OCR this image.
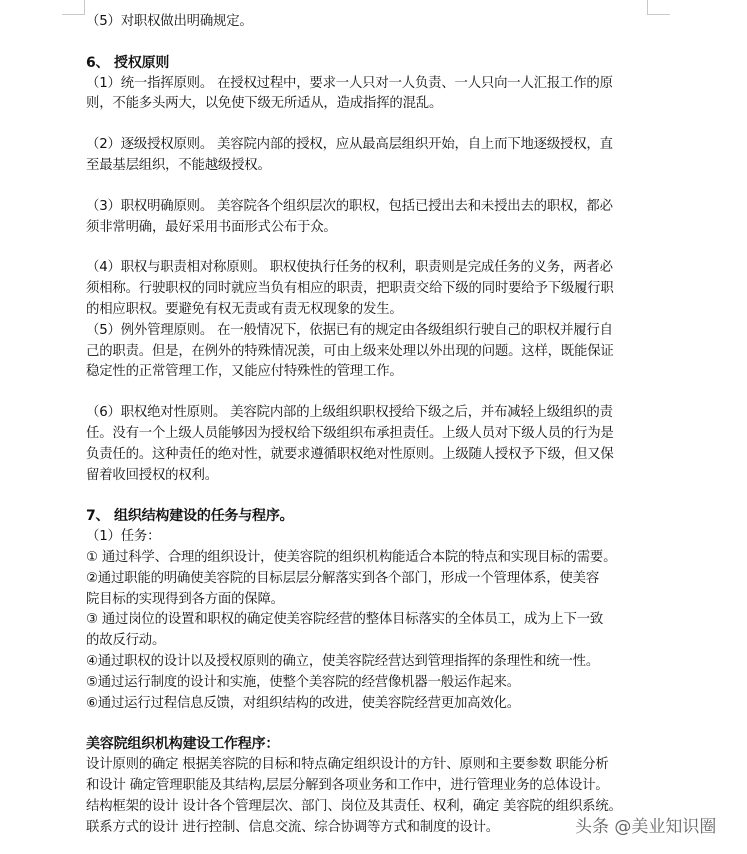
（5）对职权做出明确规定。
6、 授权原则
（1）统一指挥原则。 在授权过程中，要求一人只对一人负责、一人只向一人汇报工作的原
则，不能多头两大，以免使下级无所适从，造成指挥的混乱。
（2）逐级授权原则。 美容院内部的授权，应从最高层组织开始，自上而下地逐级授权，直
至最基层组织，不能越级授权。
（3）职权明确原则。 美容院各个组织层次的职权，包括已授出去和未授出去的职权，都必
须非常明确，最好采用书面形式公布于众。
（4）职权与职责相对称原则。 职权使执行任务的权利，职责则是完成任务的义务，两者必
须相称。行驶职权的同时就应当负有相应的职责，把职责交给下级的同时要给予下级履行职
的相应职权。要避免有权无责或有责无权现象的发生。
（5）例外管理原则。 在一般情况下，依据已有的规定由各级组织行驶自己的职权并履行自
己的职责。但是，在例外的特殊情况羡，可由上级来处理以外出现的问题。这样，既能保证
稳定性的正常管理工作，又能应付特殊性的管理工作。
（6）职权绝对性原则。 美容院内部的上级组织职权授给下级之后，并布减轻上级组织的责
任。没有一个上级人员能够因为授权给下级组织布承担责任。上级人员对下级人员的行为是
负责任的。这种责任的绝对性，就要求遵循职权绝对性原则。上级随人授权予下级，但又保
留着收回授权的权利。
7、 组织结构建设的任务与程序。
（1）任务：
① 通过科学、合理的组织设计，使美容院的组织机构能适合本院的特点和实现目标的需要。
②通过职能的明确使美容院的目标层层分解落实到各个部门，形成一个管理体系，使美容
院目标的实现得到各方面的保障。
③ 通过岗位的设置和职权的确定使美容院经营的整体目标落实的全体员工，成为上下一致
的故反行动。
④通过职权的设计以及授权原则的确立，使美容院经营达到管理指挥的条理性和统一性。
⑤通过运行制度的设计和实施，使整个美容院的经营像机器一般运作起来。
⑥通过运行过程信息反馈，对组织结构的改进，使美容院经营更加高效化。
美容院组织机构建设工作程序：
设计原则的确定 根据美容院的目标和特点确定组织设计的方针、原则和主要参数 职能分析
和设计 确定管理职能及其结构,层层分解到各项业务和工作中，进行管理业务的总体设计。
结构框架的设计 设计各个管理层次、部门、岗位及其责任、权利，确定 美容院的组织系统。
联系方式的设计 进行控制、信息交流、综合协调等方式和制度的设计。	头条 @美业知识圈
